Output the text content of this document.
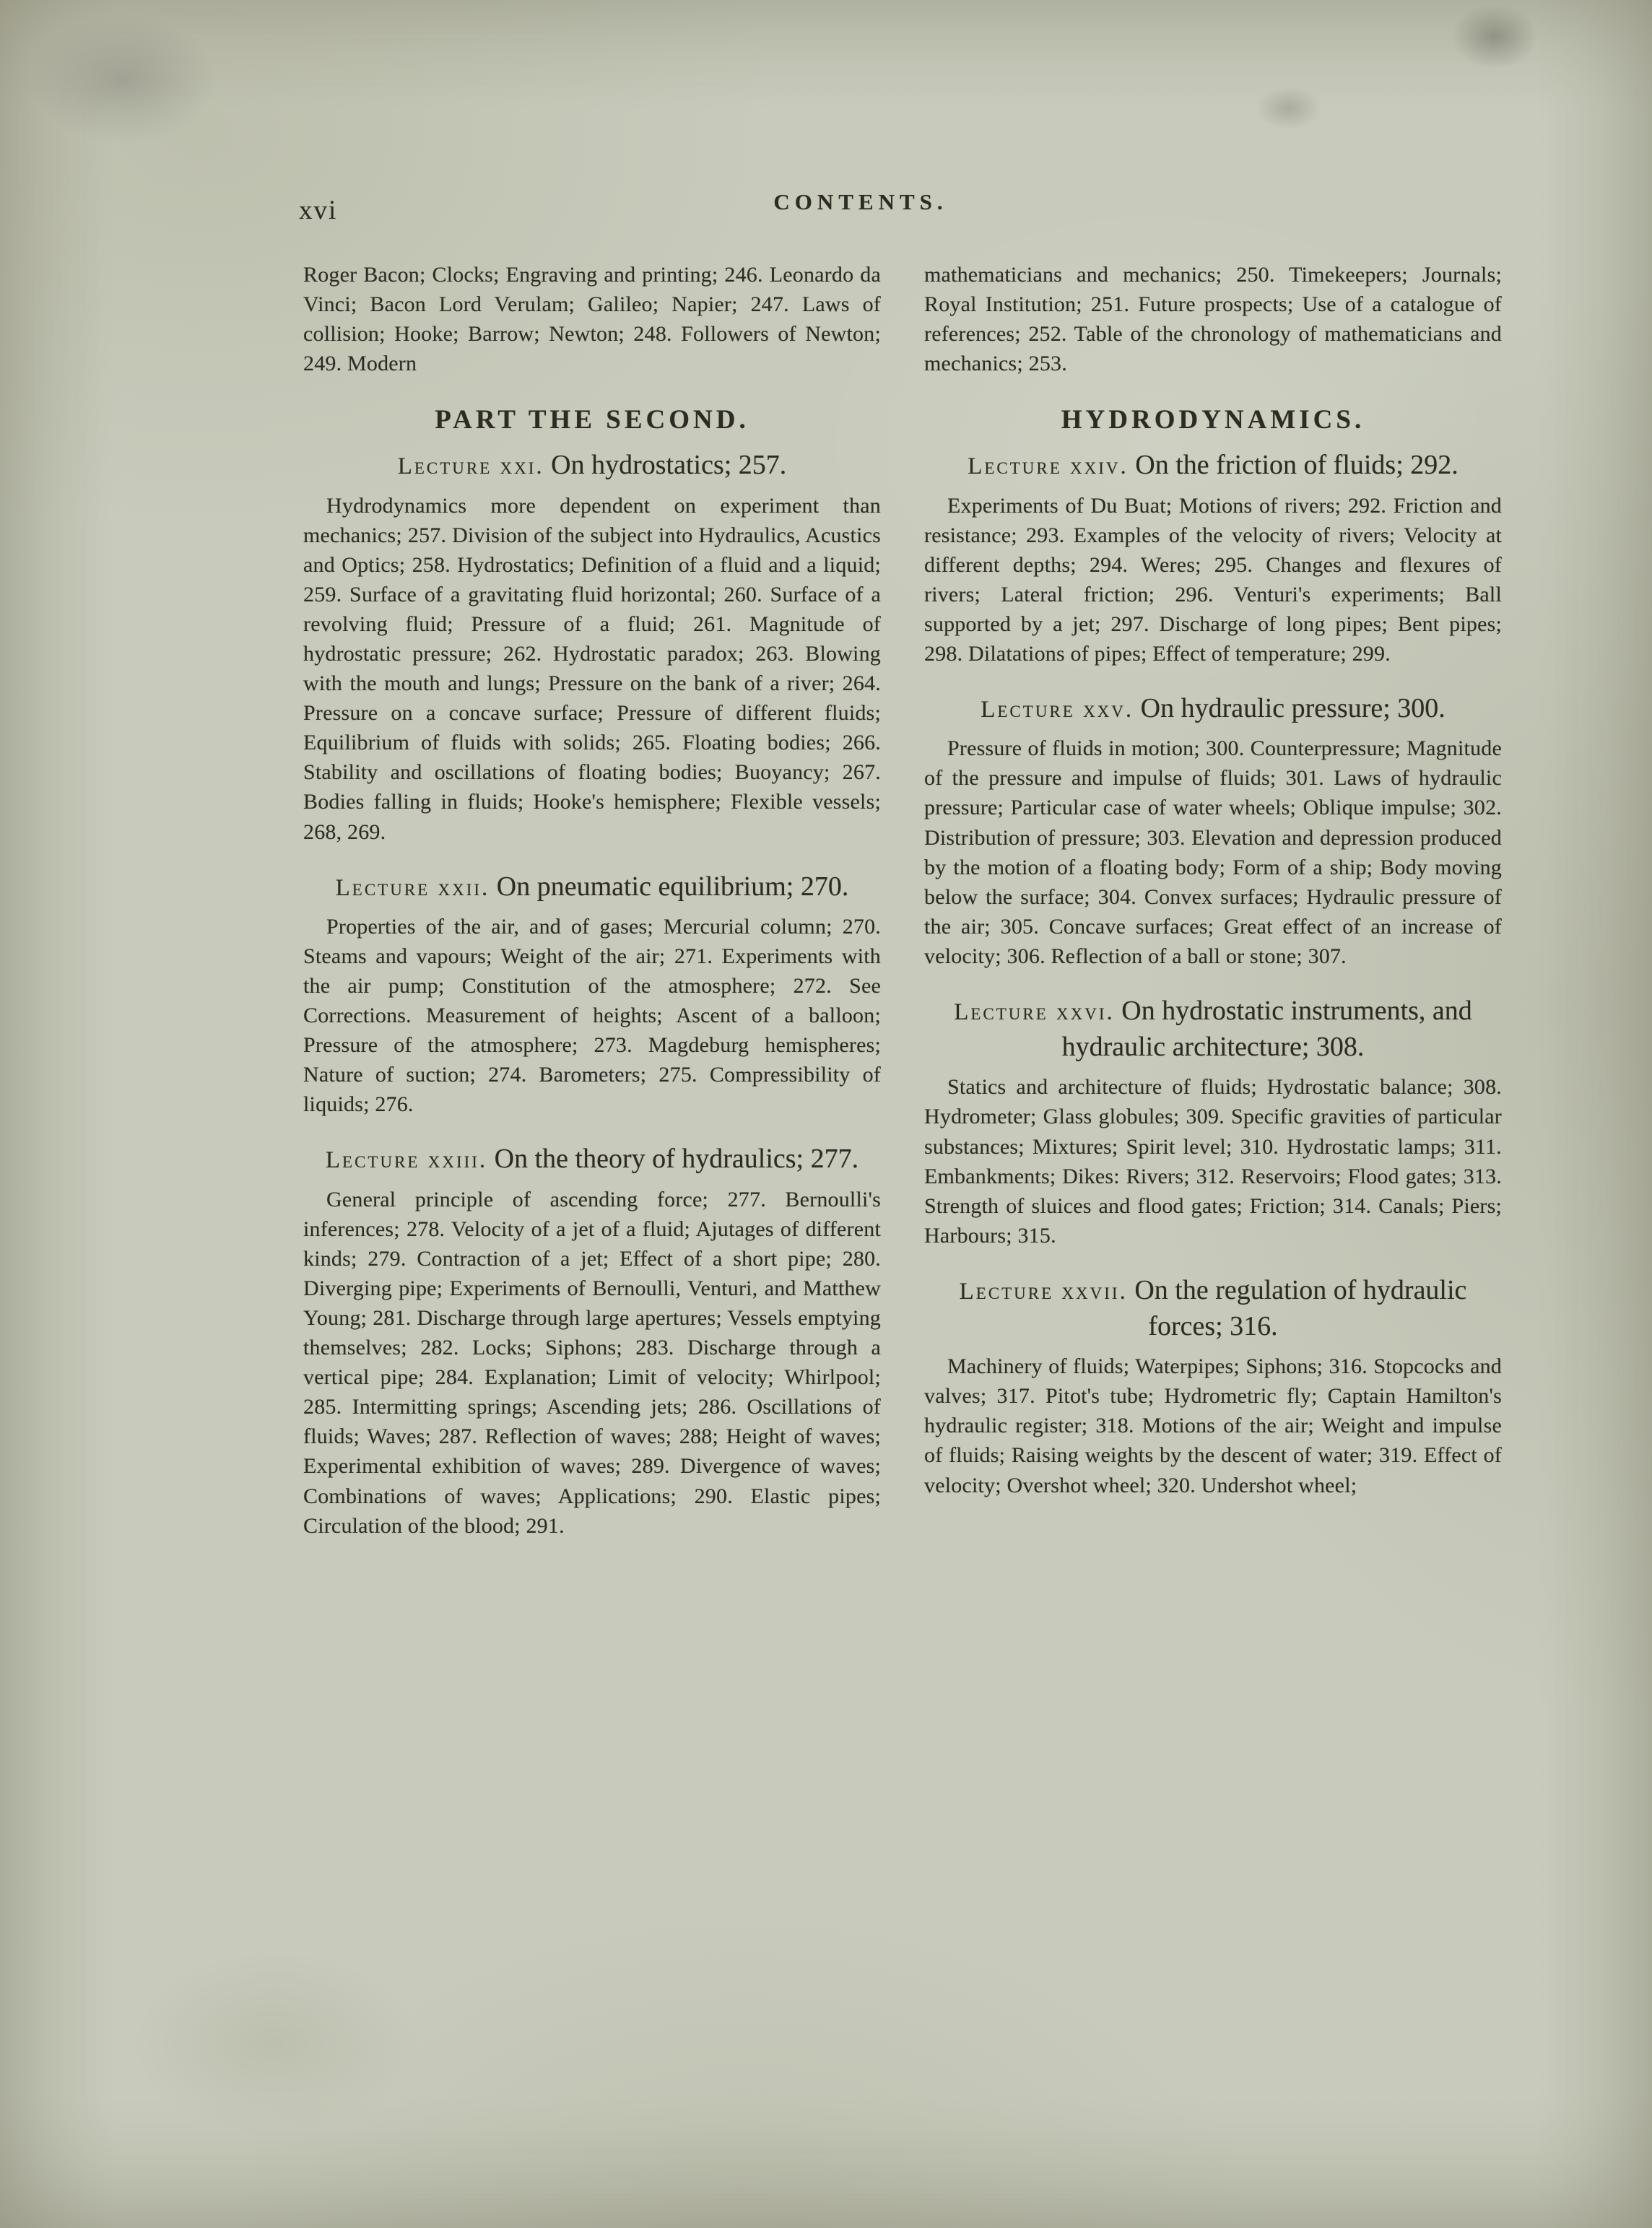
xvi	CONTENTS.

Roger Bacon; Clocks; Engraving and printing; 246. Leonardo da Vinci; Bacon Lord Verulam; Galileo; Napier; 247. Laws of collision; Hooke; Barrow; Newton; 248. Followers of Newton; 249. Modern

mathematicians and mechanics; 250. Timekeepers; Journals; Royal Institution; 251. Future prospects; Use of a catalogue of references; 252. Table of the chronology of mathematicians and mechanics; 253.

PART THE SECOND.	HYDRODYNAMICS.
Lecture xxi. On hydrostatics; 257.

Hydrodynamics more dependent on experiment than mechanics; 257. Division of the subject into Hydraulics, Acustics and Optics; 258. Hydrostatics; Definition of a fluid and a liquid; 259. Surface of a gravitating fluid horizontal; 260. Surface of a revolving fluid; Pressure of a fluid; 261. Magnitude of hydrostatic pressure; 262. Hydrostatic paradox; 263. Blowing with the mouth and lungs; Pressure on the bank of a river; 264. Pressure on a concave surface; Pressure of different fluids; Equilibrium of fluids with solids; 265. Floating bodies; 266. Stability and oscillations of floating bodies; Buoyancy; 267. Bodies falling in fluids; Hooke's hemisphere; Flexible vessels; 268, 269.

Lecture xxii. On pneumatic equilibrium; 270.

Properties of the air, and of gases; Mercurial column; 270. Steams and vapours; Weight of the air; 271. Experiments with the air pump; Constitution of the atmosphere; 272. See Corrections. Measurement of heights; Ascent of a balloon; Pressure of the atmosphere; 273. Magdeburg hemispheres; Nature of suction; 274. Barometers; 275. Compressibility of liquids; 276.

Lecture xxiii. On the theory of hydraulics; 277.

General principle of ascending force; 277. Bernoulli's inferences; 278. Velocity of a jet of a fluid; Ajutages of different kinds; 279. Contraction of a jet; Effect of a short pipe; 280. Diverging pipe; Experiments of Bernoulli, Venturi, and Matthew Young; 281. Discharge through large apertures; Vessels emptying themselves; 282. Locks; Siphons; 283. Discharge through a vertical pipe; 284. Explanation; Limit of velocity; Whirlpool; 285. Intermitting springs; Ascending jets; 286. Oscillations of fluids; Waves; 287. Reflection of waves; 288; Height of waves; Experimental exhibition of waves; 289. Divergence of waves; Combinations of waves; Applications; 290. Elastic pipes; Circulation of the blood; 291.

Lecture xxiv. On the friction of fluids; 292.

Experiments of Du Buat; Motions of rivers; 292. Friction and resistance; 293. Examples of the velocity of rivers; Velocity at different depths; 294. Weres; 295. Changes and flexures of rivers; Lateral friction; 296. Venturi's experiments; Ball supported by a jet; 297. Discharge of long pipes; Bent pipes; 298. Dilatations of pipes; Effect of temperature; 299.

Lecture xxv. On hydraulic pressure; 300.

Pressure of fluids in motion; 300. Counterpressure; Magnitude of the pressure and impulse of fluids; 301. Laws of hydraulic pressure; Particular case of water wheels; Oblique impulse; 302. Distribution of pressure; 303. Elevation and depression produced by the motion of a floating body; Form of a ship; Body moving below the surface; 304. Convex surfaces; Hydraulic pressure of the air; 305. Concave surfaces; Great effect of an increase of velocity; 306. Reflection of a ball or stone; 307.

Lecture xxvi. On hydrostatic instruments, and hydraulic architecture; 308.

Statics and architecture of fluids; Hydrostatic balance; 308. Hydrometer; Glass globules; 309. Specific gravities of particular substances; Mixtures; Spirit level; 310. Hydrostatic lamps; 311. Embankments; Dikes: Rivers; 312. Reservoirs; Flood gates; 313. Strength of sluices and flood gates; Friction; 314. Canals; Piers; Harbours; 315.

Lecture xxvii. On the regulation of hydraulic forces; 316.

Machinery of fluids; Waterpipes; Siphons; 316. Stopcocks and valves; 317. Pitot's tube; Hydrometric fly; Captain Hamilton's hydraulic register; 318. Motions of the air; Weight and impulse of fluids; Raising weights by the descent of water; 319. Effect of velocity; Overshot wheel; 320. Undershot wheel;
